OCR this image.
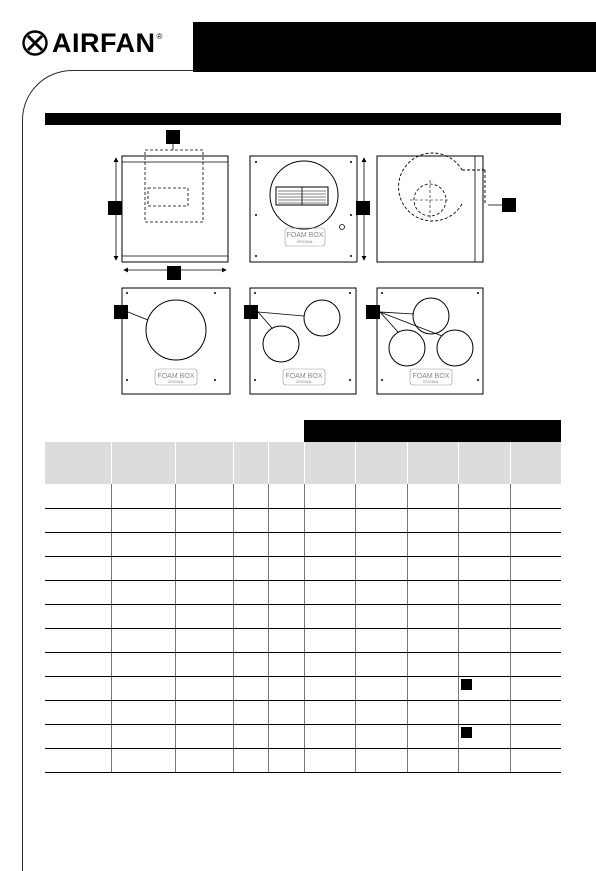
AIRFAN ®
FOAM BOX
ORIGINAL
FOAM BOX
ORIGINAL
FOAM BOX
ORIGINAL
FOAM BOX
ORIGINAL
